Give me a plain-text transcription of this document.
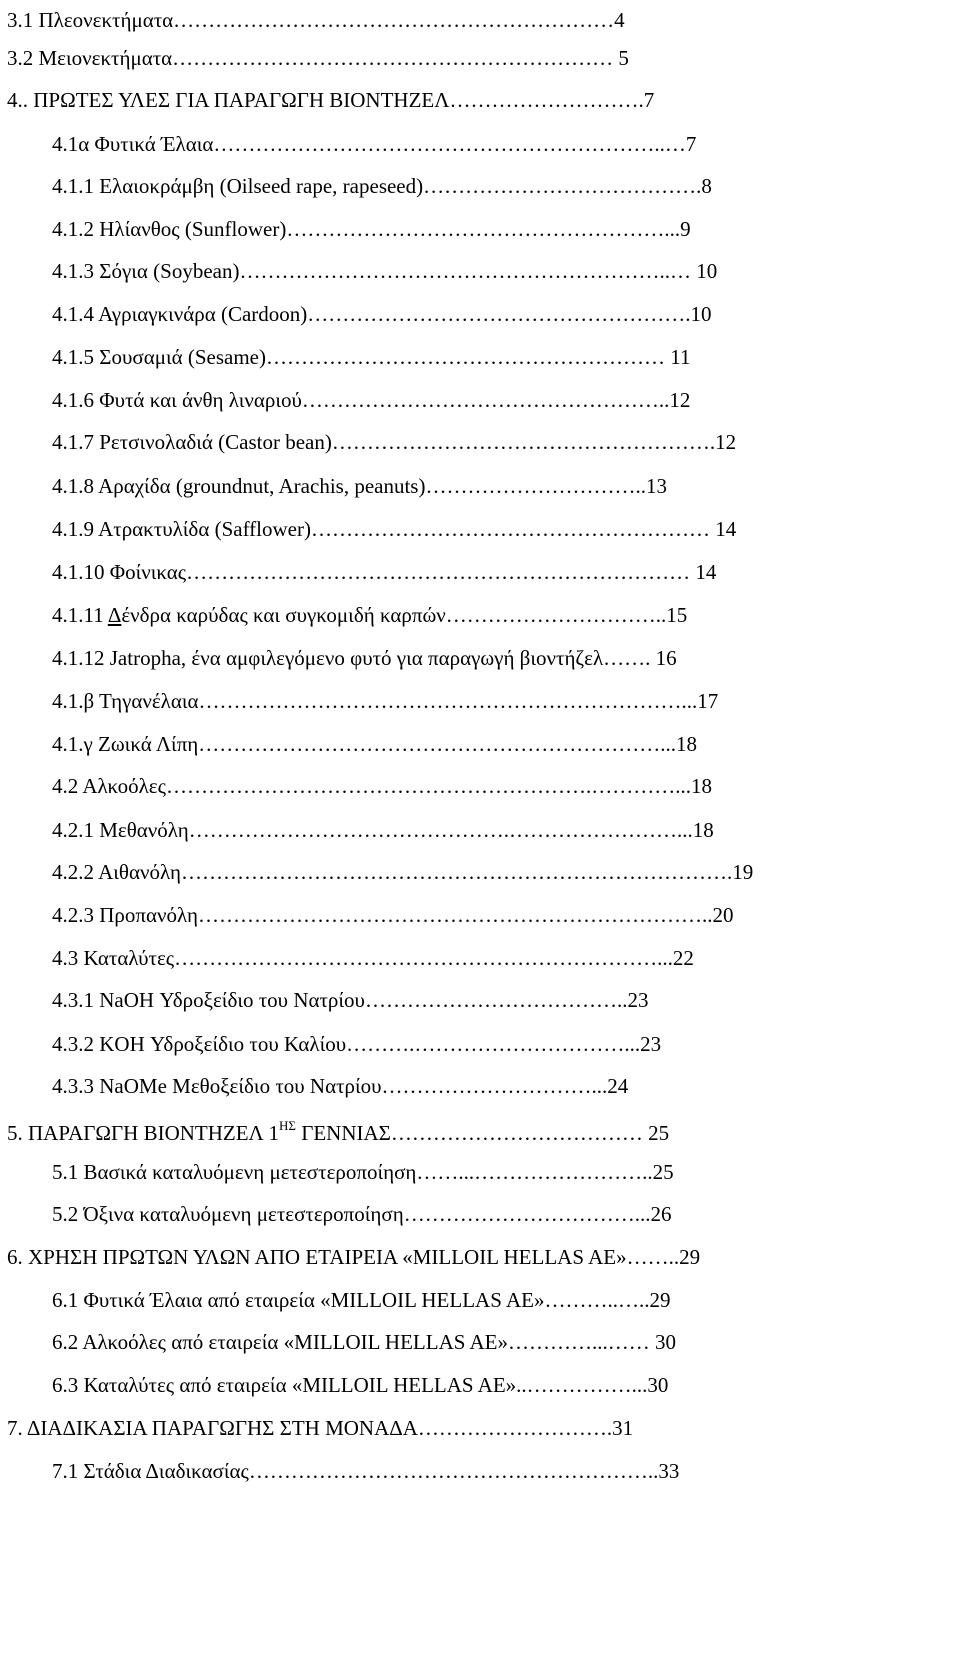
3.1 Πλεονεκτήματα………………………………………………………4
3.2 Μειονεκτήματα……………………………………………………… 5
4.. ΠΡΩΤΕΣ ΥΛΕΣ ΓΙΑ ΠΑΡΑΓΩΓΗ ΒΙΟΝΤΗΖΕΛ……………………….7
4.1α Φυτικά Έλαια………………………………………………………..…7
4.1.1 Ελαιοκράμβη (Oilseed rape, rapeseed)………………………………….8
4.1.2 Ηλίανθος (Sunflower)………………………………………………...9
4.1.3 Σόγια (Soybean)……………………………………………………..… 10
4.1.4 Αγριαγκινάρα (Cardoon)……………………………………………….10
4.1.5 Σουσαμιά (Sesame)………………………………………………… 11
4.1.6 Φυτά και άνθη λιναριού……………………………………………..12
4.1.7 Ρετσινολαδιά (Castor bean)……………………………………………….12
4.1.8 Αραχίδα (groundnut, Arachis, peanuts)…………………………..13
4.1.9 Ατρακτυλίδα (Safflower)………………………………………………… 14
4.1.10 Φοίνικας……………………………………………………………… 14
4.1.11 Δένδρα καρύδας και συγκομιδή καρπών…………………………..15
4.1.12 Jatropha, ένα αμφιλεγόμενο φυτό για παραγωγή βιοντήζελ……. 16
4.1.β Τηγανέλαια……………………………………………………………...17
4.1.γ Ζωικά Λίπη…………………………………………………………...18
4.2 Αλκοόλες…………………………………………………….…………...18
4.2.1 Μεθανόλη……………………………………….……………………...18
4.2.2 Αιθανόλη…………………………………………………………………….19
4.2.3 Προπανόλη………………………………………………………………..20
4.3 Καταλύτες……………………………………………………………...22
4.3.1 NaOH Υδροξείδιο του Νατρίου………………………………..23
4.3.2 KOH Υδροξείδιο του Καλίου……….…………………………...23
4.3.3 NaOMe Μεθοξείδιο του Νατρίου…………………………...24
5. ΠΑΡΑΓΩΓΗ ΒΙΟΝΤΗΖΕΛ $1^{H\Sigma}$ ΓΕΝΝΙΑΣ……………………………… 25
5.1 Βασικά καταλυόμενη μετεστεροποίηση……...……………………..25
5.2 Όξινα καταλυόμενη μετεστεροποίηση……………………………...26
6. ΧΡΗΣΗ ΠΡΩΤΩΝ ΥΛΩΝ ΑΠΟ ΕΤΑΙΡΕΙΑ «MILLOIL HELLAS AE»……..29
6.1 Φυτικά Έλαια από εταιρεία «MILLOIL HELLAS AE»………..…..29
6.2 Αλκοόλες από εταιρεία «MILLOIL HELLAS AE»…………...…… 30
6.3 Καταλύτες από εταιρεία «MILLOIL HELLAS AE»..……………...30
7. ΔΙΑΔΙΚΑΣΙΑ ΠΑΡΑΓΩΓΗΣ ΣΤΗ ΜΟΝΑΔΑ……………………….31
7.1 Στάδια Διαδικασίας…………………………………………………..33
